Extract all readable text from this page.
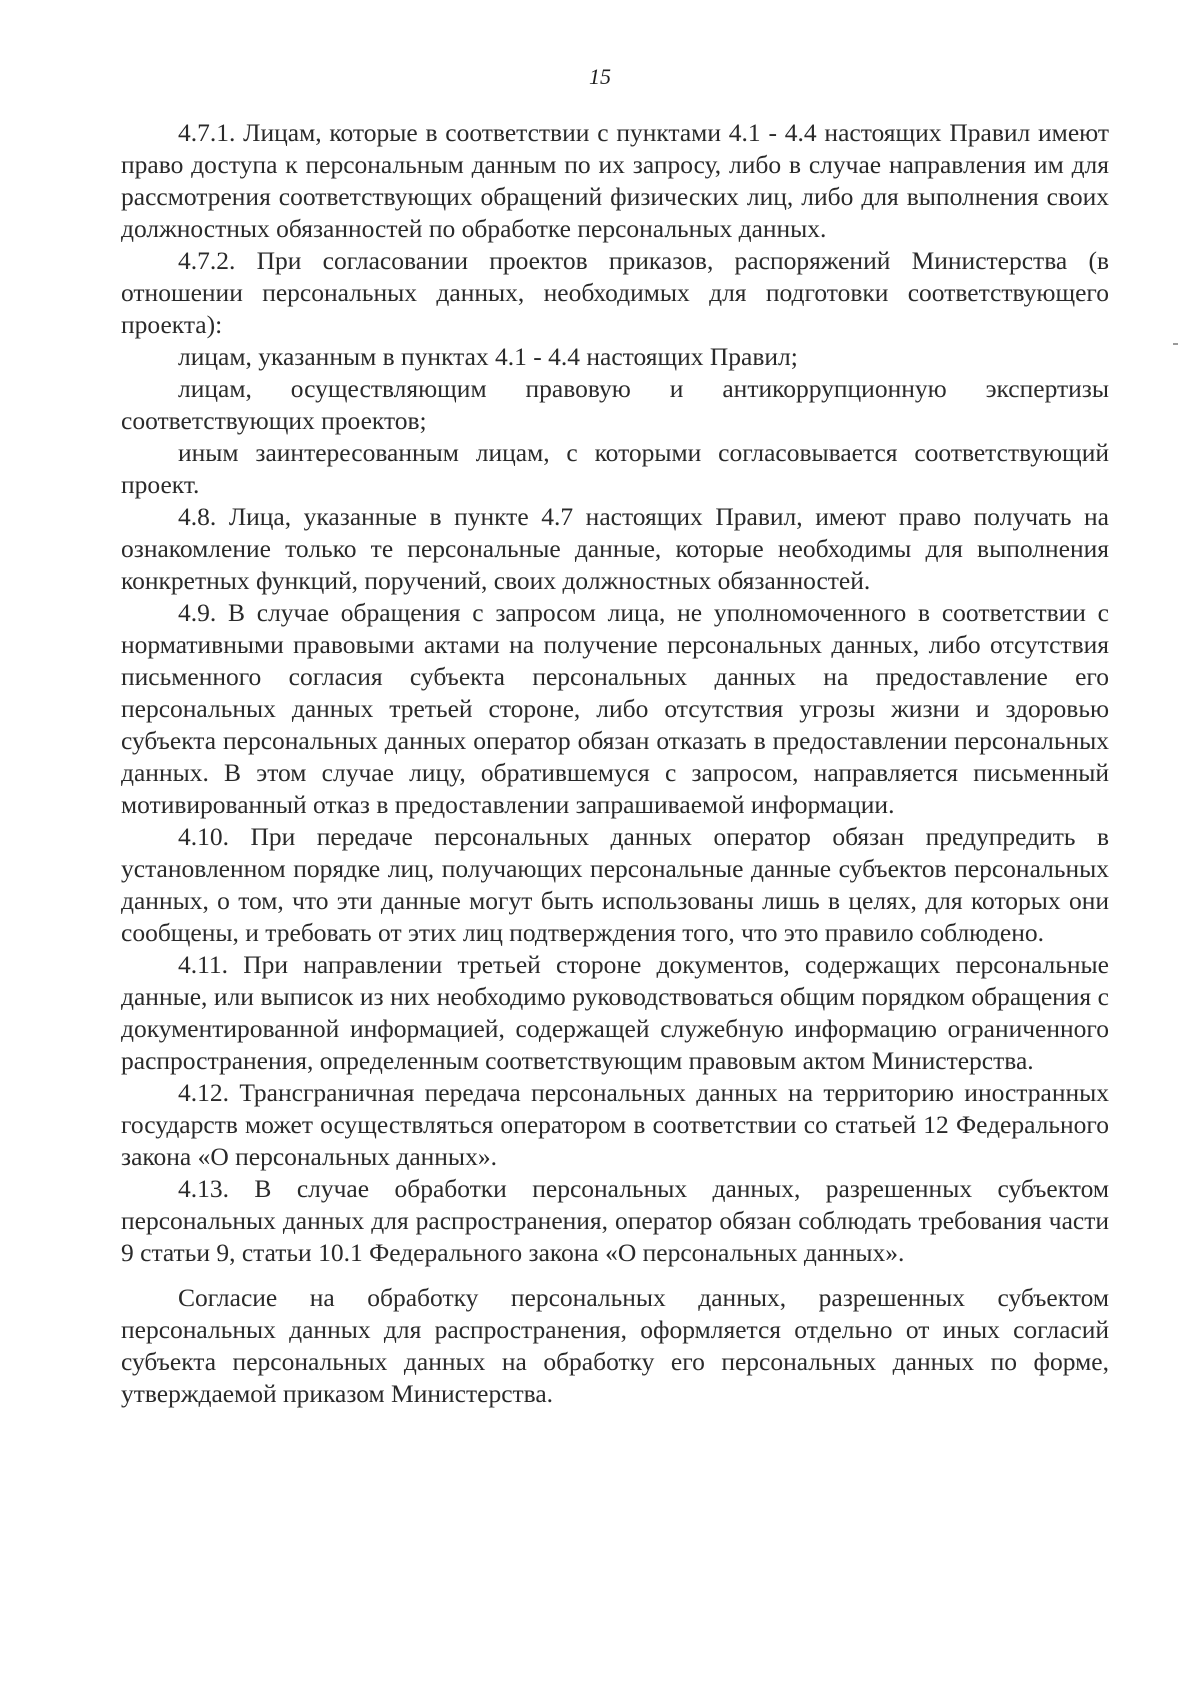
15

4.7.1. Лицам, которые в соответствии с пунктами 4.1 - 4.4 настоящих Правил имеют право доступа к персональным данным по их запросу, либо в случае направления им для рассмотрения соответствующих обращений физических лиц, либо для выполнения своих должностных обязанностей по обработке персональных данных.

4.7.2. При согласовании проектов приказов, распоряжений Министерства (в отношении персональных данных, необходимых для подготовки соответствующего проекта):

лицам, указанным в пунктах 4.1 - 4.4 настоящих Правил;

лицам, осуществляющим правовую и антикоррупционную экспертизы соответствующих проектов;

иным заинтересованным лицам, с которыми согласовывается соответствующий проект.

4.8. Лица, указанные в пункте 4.7 настоящих Правил, имеют право получать на ознакомление только те персональные данные, которые необходимы для выполнения конкретных функций, поручений, своих должностных обязанностей.

4.9. В случае обращения с запросом лица, не уполномоченного в соответствии с нормативными правовыми актами на получение персональных данных, либо отсутствия письменного согласия субъекта персональных данных на предоставление его персональных данных третьей стороне, либо отсутствия угрозы жизни и здоровью субъекта персональных данных оператор обязан отказать в предоставлении персональных данных. В этом случае лицу, обратившемуся с запросом, направляется письменный мотивированный отказ в предоставлении запрашиваемой информации.

4.10. При передаче персональных данных оператор обязан предупредить в установленном порядке лиц, получающих персональные данные субъектов персональных данных, о том, что эти данные могут быть использованы лишь в целях, для которых они сообщены, и требовать от этих лиц подтверждения того, что это правило соблюдено.

4.11. При направлении третьей стороне документов, содержащих персональные данные, или выписок из них необходимо руководствоваться общим порядком обращения с документированной информацией, содержащей служебную информацию ограниченного распространения, определенным соответствующим правовым актом Министерства.

4.12. Трансграничная передача персональных данных на территорию иностранных государств может осуществляться оператором в соответствии со статьей 12 Федерального закона «О персональных данных».

4.13. В случае обработки персональных данных, разрешенных субъектом персональных данных для распространения, оператор обязан соблюдать требования части 9 статьи 9, статьи 10.1 Федерального закона «О персональных данных».

Согласие на обработку персональных данных, разрешенных субъектом персональных данных для распространения, оформляется отдельно от иных согласий субъекта персональных данных на обработку его персональных данных по форме, утверждаемой приказом Министерства.
